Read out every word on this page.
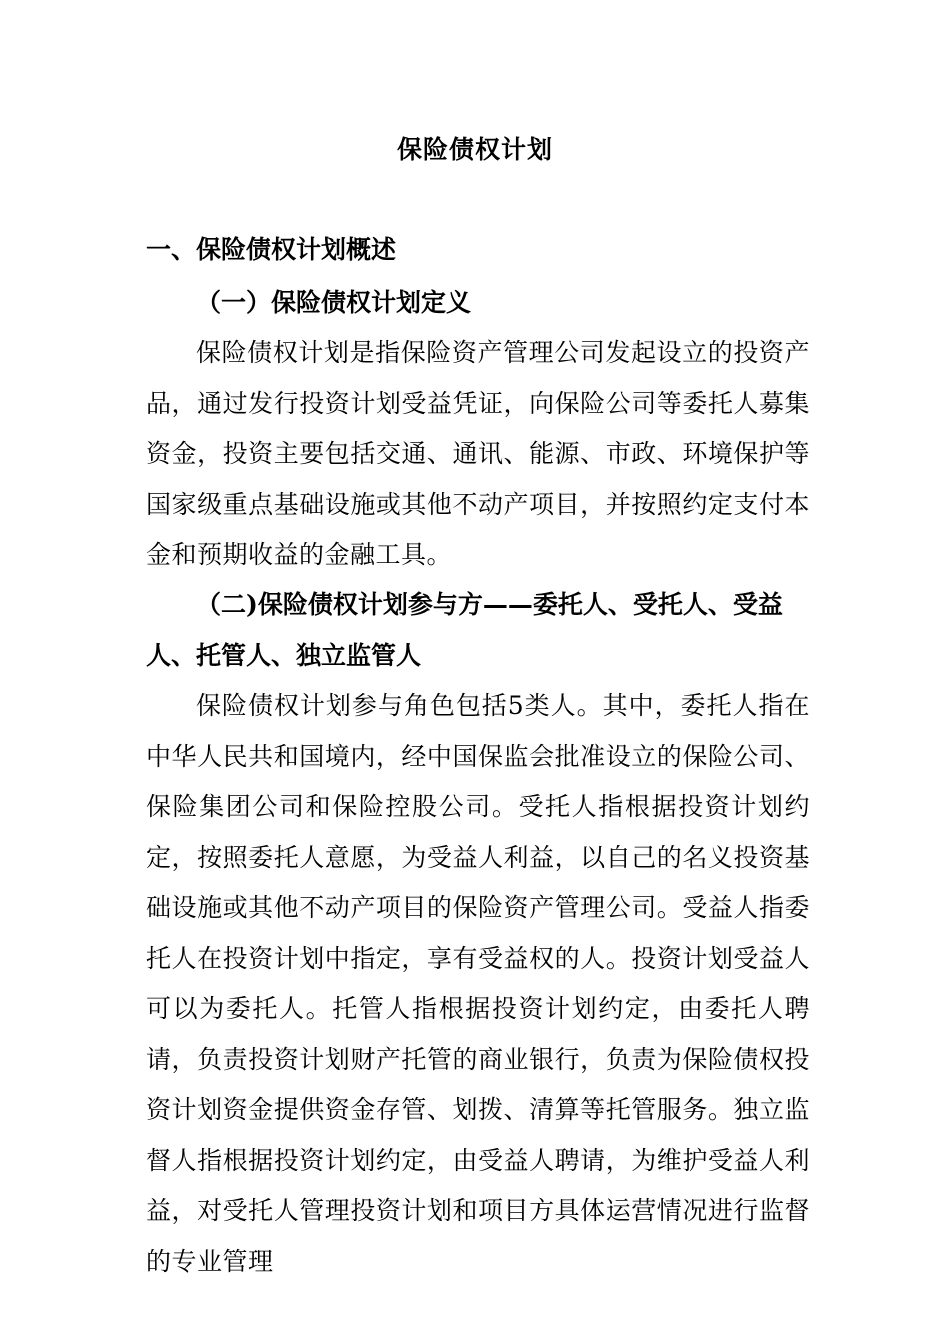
保险债权计划
一、保险债权计划概述
（一）保险债权计划定义
保险债权计划是指保险资产管理公司发起设立的投资产品，通过发行投资计划受益凭证，向保险公司等委托人募集资金，投资主要包括交通、通讯、能源、市政、环境保护等国家级重点基础设施或其他不动产项目，并按照约定支付本金和预期收益的金融工具。
（二)保险债权计划参与方——委托人、受托人、受益人、托管人、独立监管人
保险债权计划参与角色包括5类人。其中，委托人指在中华人民共和国境内，经中国保监会批准设立的保险公司、保险集团公司和保险控股公司。受托人指根据投资计划约定，按照委托人意愿，为受益人利益，以自己的名义投资基础设施或其他不动产项目的保险资产管理公司。受益人指委托人在投资计划中指定，享有受益权的人。投资计划受益人可以为委托人。托管人指根据投资计划约定，由委托人聘请，负责投资计划财产托管的商业银行，负责为保险债权投资计划资金提供资金存管、划拨、清算等托管服务。独立监督人指根据投资计划约定，由受益人聘请，为维护受益人利益，对受托人管理投资计划和项目方具体运营情况进行监督的专业管理
